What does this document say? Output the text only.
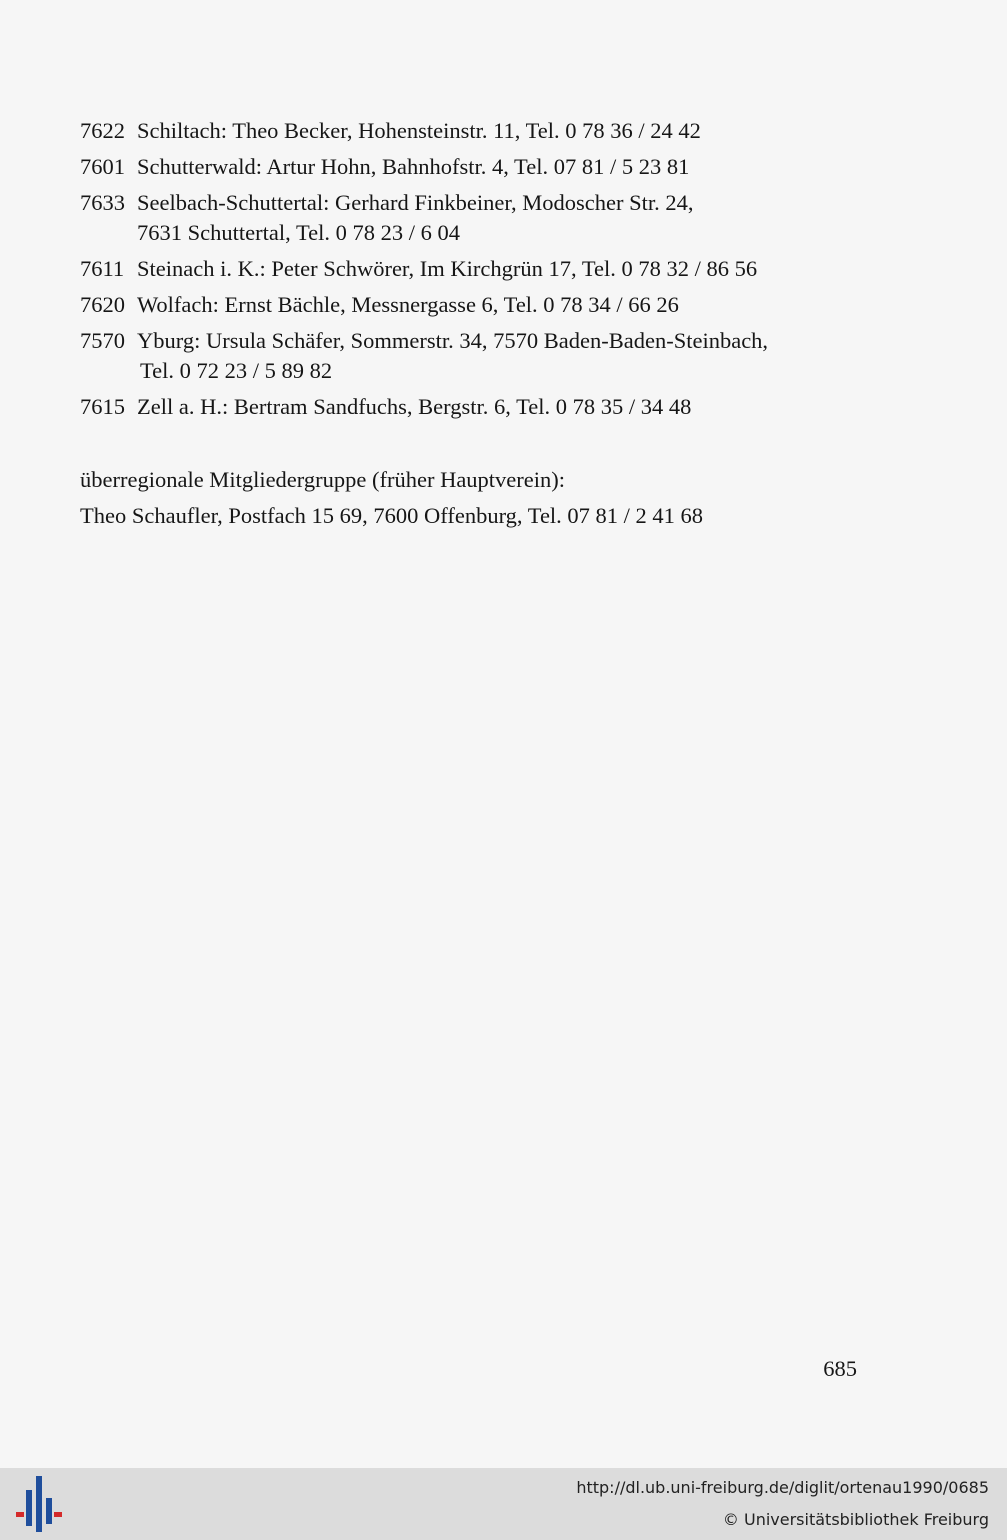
7622 Schiltach: Theo Becker, Hohensteinstr. 11, Tel. 0 78 36 / 24 42
7601 Schutterwald: Artur Hohn, Bahnhofstr. 4, Tel. 07 81 / 5 23 81
7633 Seelbach-Schuttertal: Gerhard Finkbeiner, Modoscher Str. 24,
7631 Schuttertal, Tel. 0 78 23 / 6 04
7611 Steinach i. K.: Peter Schwörer, Im Kirchgrün 17, Tel. 0 78 32 / 86 56
7620 Wolfach: Ernst Bächle, Messnergasse 6, Tel. 0 78 34 / 66 26
7570 Yburg: Ursula Schäfer, Sommerstr. 34, 7570 Baden-Baden-Steinbach,
Tel. 0 72 23 / 5 89 82
7615 Zell a. H.: Bertram Sandfuchs, Bergstr. 6, Tel. 0 78 35 / 34 48
überregionale Mitgliedergruppe (früher Hauptverein):
Theo Schaufler, Postfach 15 69, 7600 Offenburg, Tel. 07 81 / 2 41 68
685
http://dl.ub.uni-freiburg.de/diglit/ortenau1990/0685
© Universitätsbibliothek Freiburg
